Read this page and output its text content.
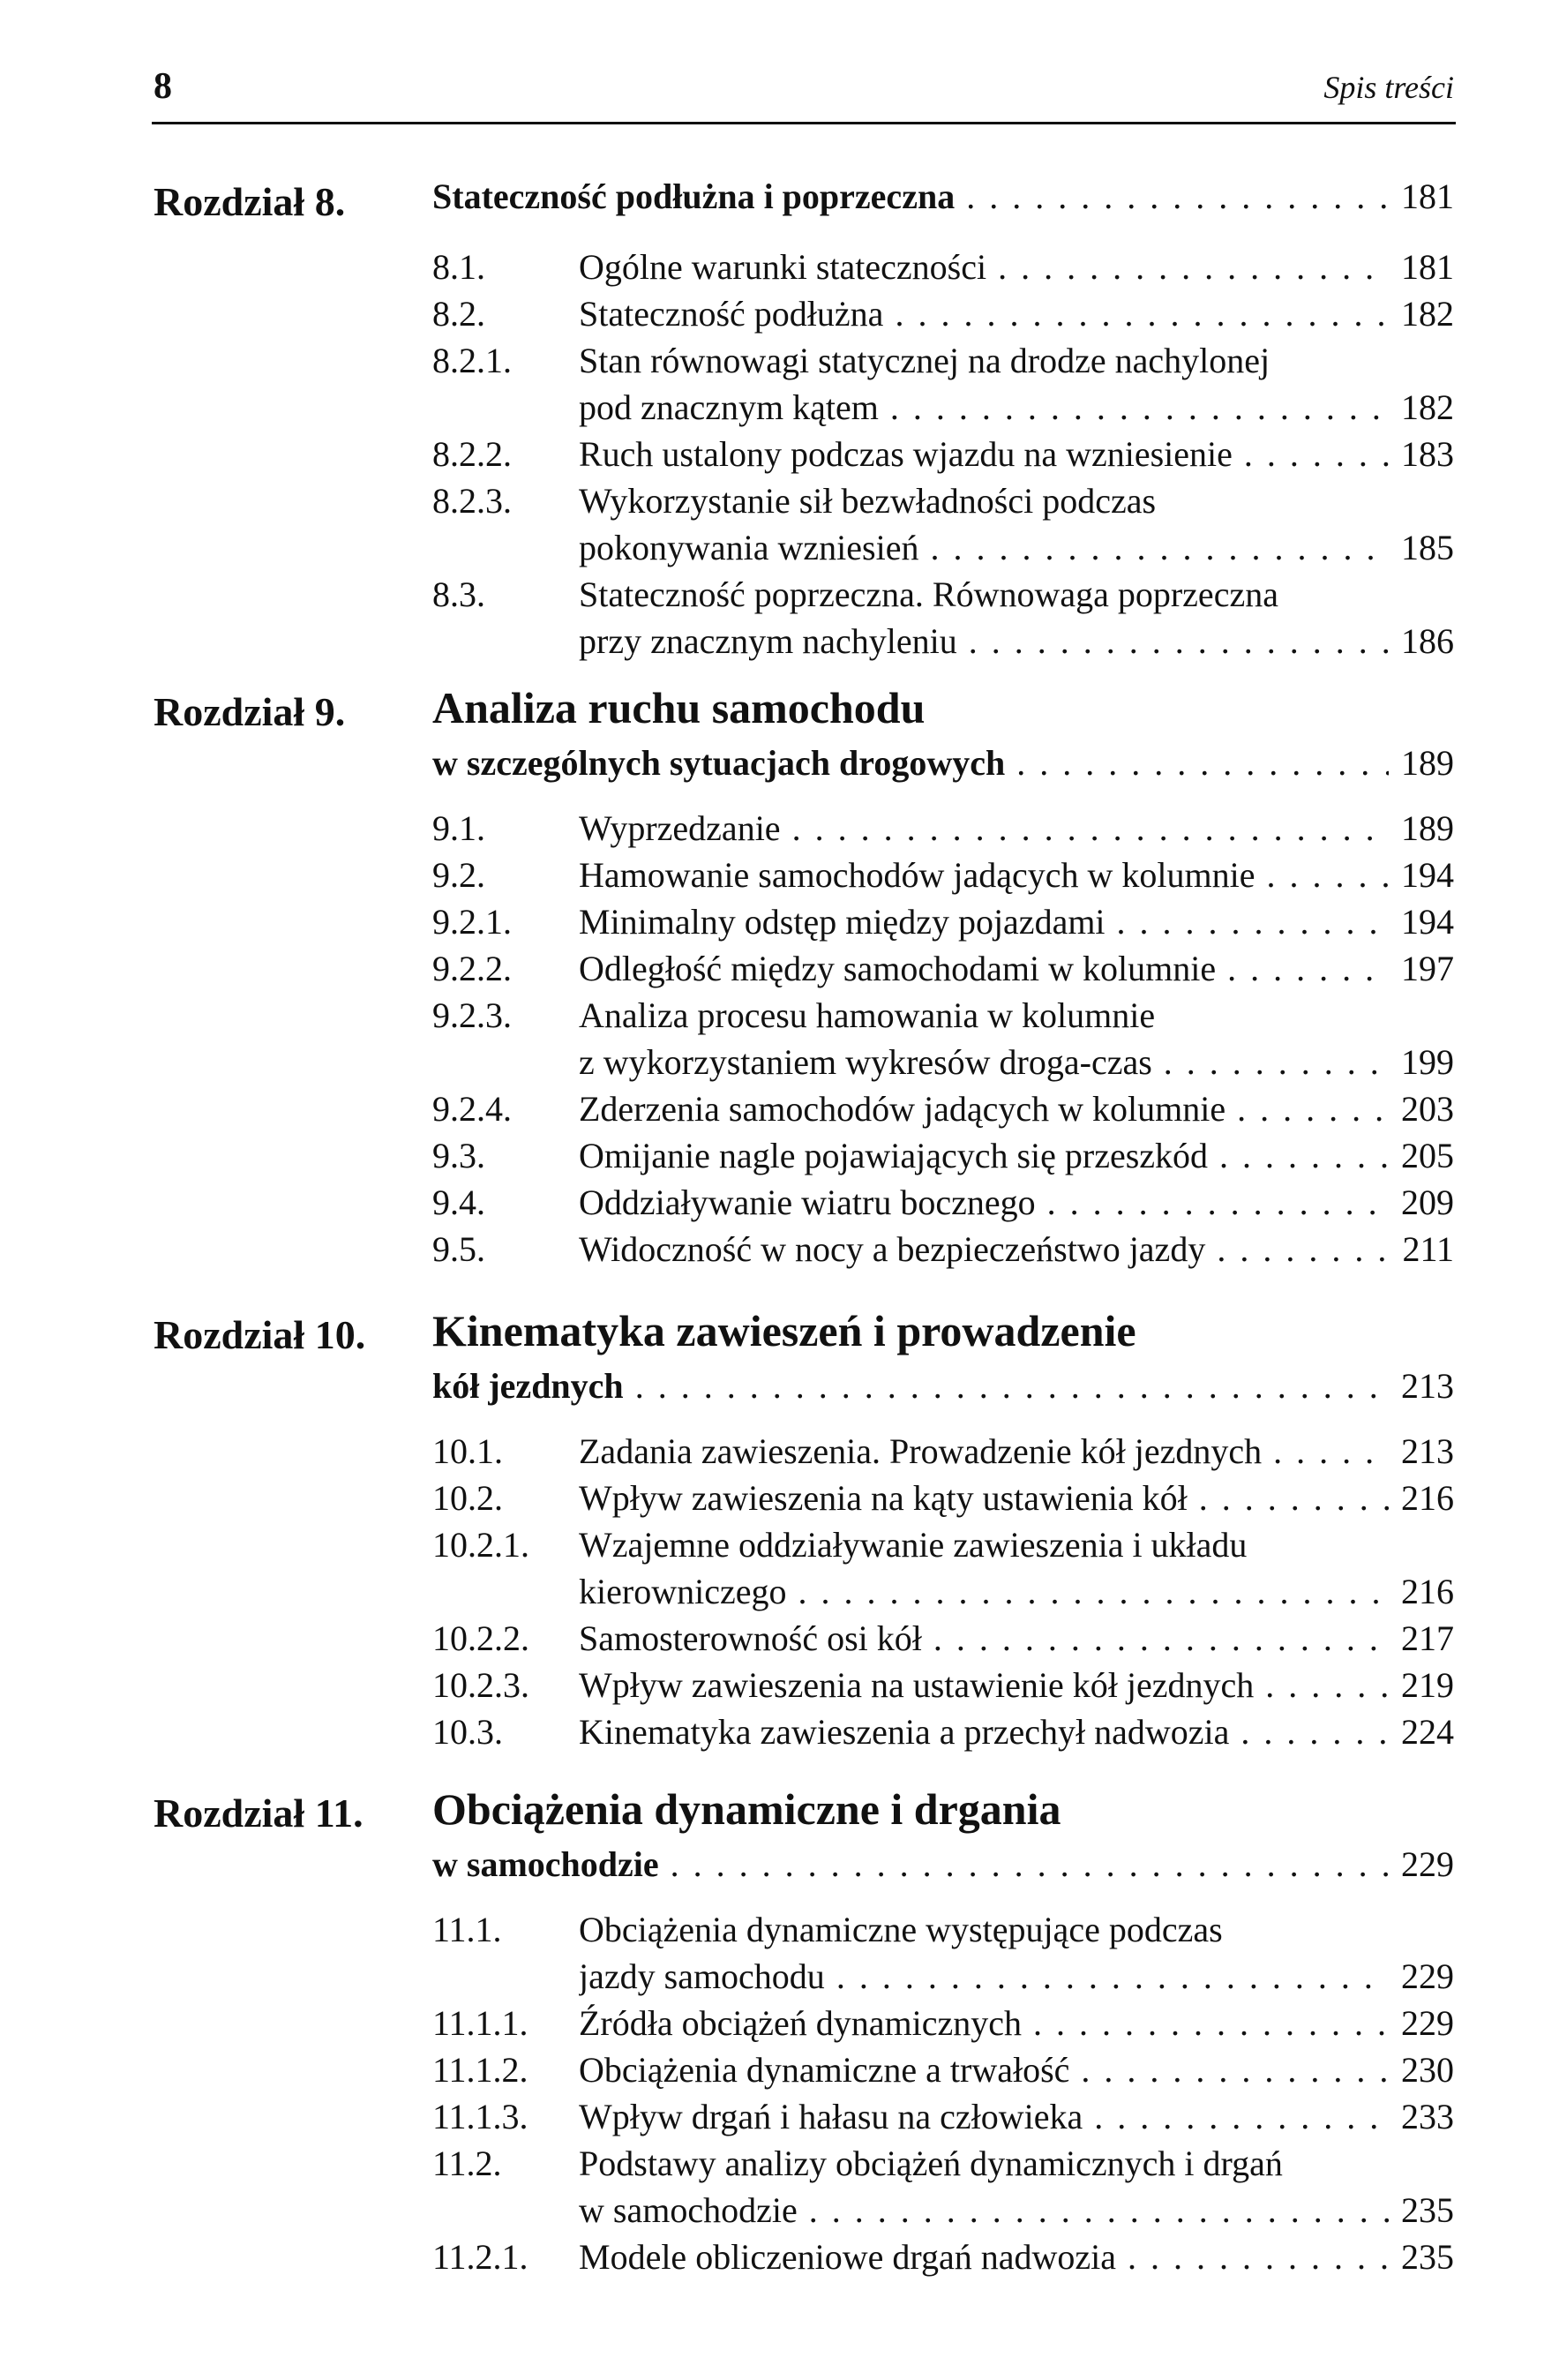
8	Spis treści
Rozdział 8. Stateczność podłużna i poprzeczna . . .	181
8.1.	Ogólne warunki stateczności . . .	181
8.2.	Stateczność podłużna . . .	182
8.2.1.	Stan równowagi statycznej na drodze nachylonej
pod znacznym kątem . . .	182
8.2.2.	Ruch ustalony podczas wjazdu na wzniesienie . . .	183
8.2.3.	Wykorzystanie sił bezwładności podczas
pokonywania wzniesień . . .	185
8.3.	Stateczność poprzeczna. Równowaga poprzeczna
przy znacznym nachyleniu . . .	186
Rozdział 9. Analiza ruchu samochodu
w szczególnych sytuacjach drogowych . . .	189
9.1.	Wyprzedzanie . . .	189
9.2.	Hamowanie samochodów jadących w kolumnie . . .	194
9.2.1.	Minimalny odstęp między pojazdami . . .	194
9.2.2.	Odległość między samochodami w kolumnie . . .	197
9.2.3.	Analiza procesu hamowania w kolumnie
z wykorzystaniem wykresów droga-czas . . .	199
9.2.4.	Zderzenia samochodów jadących w kolumnie . . .	203
9.3.	Omijanie nagle pojawiających się przeszkód . . .	205
9.4.	Oddziaływanie wiatru bocznego . . .	209
9.5.	Widoczność w nocy a bezpieczeństwo jazdy . . .	211
Rozdział 10. Kinematyka zawieszeń i prowadzenie
kół jezdnych . . .	213
10.1.	Zadania zawieszenia. Prowadzenie kół jezdnych . . .	213
10.2.	Wpływ zawieszenia na kąty ustawienia kół . . .	216
10.2.1.	Wzajemne oddziaływanie zawieszenia i układu
kierowniczego . . .	216
10.2.2.	Samosterowność osi kół . . .	217
10.2.3.	Wpływ zawieszenia na ustawienie kół jezdnych . . .	219
10.3.	Kinematyka zawieszenia a przechył nadwozia . . .	224
Rozdział 11. Obciążenia dynamiczne i drgania
w samochodzie . . .	229
11.1.	Obciążenia dynamiczne występujące podczas
jazdy samochodu . . .	229
11.1.1.	Źródła obciążeń dynamicznych . . .	229
11.1.2.	Obciążenia dynamiczne a trwałość . . .	230
11.1.3.	Wpływ drgań i hałasu na człowieka . . .	233
11.2.	Podstawy analizy obciążeń dynamicznych i drgań
w samochodzie . . .	235
11.2.1.	Modele obliczeniowe drgań nadwozia . . .	235
